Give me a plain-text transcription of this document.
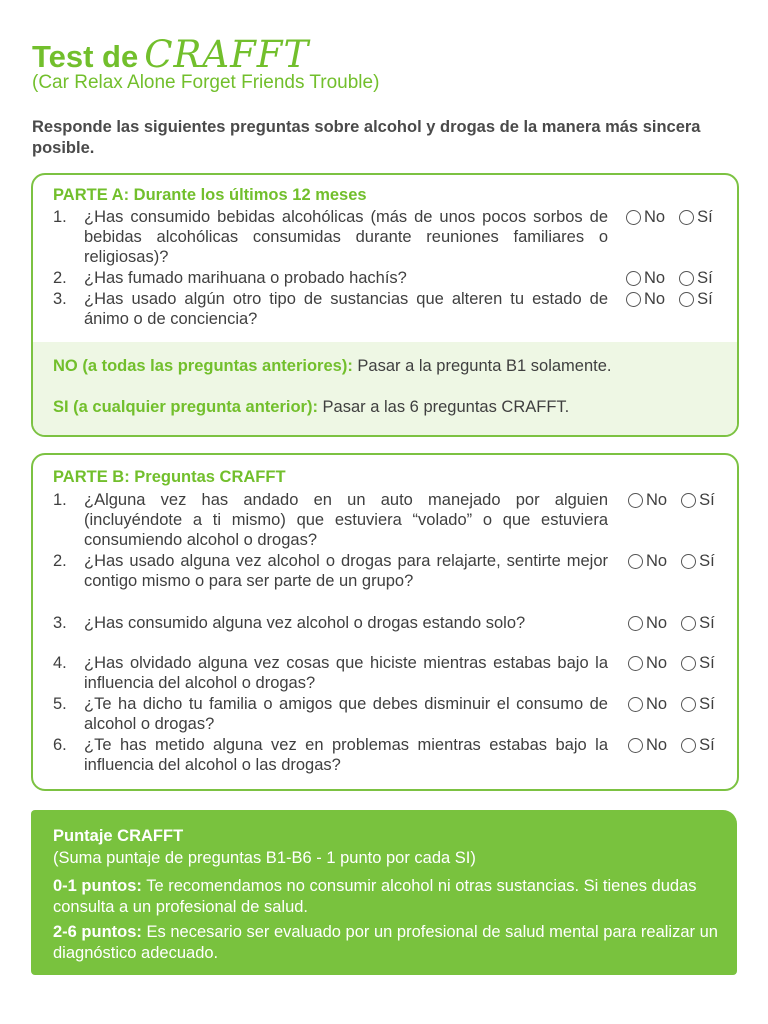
Test de CRAFFT
(Car Relax Alone Forget Friends Trouble)
Responde las siguientes preguntas sobre alcohol y drogas de la manera más sincera posible.
PARTE A: Durante los últimos 12 meses
1. ¿Has consumido bebidas alcohólicas (más de unos pocos sorbos de bebidas alcohólicas consumidas durante reuniones familiares o religiosas)?
No Sí
2. ¿Has fumado marihuana o probado hachís?	No Sí
3. ¿Has usado algún otro tipo de sustancias que alteren tu estado de ánimo o de conciencia?
No Sí
NO (a todas las preguntas anteriores): Pasar a la pregunta B1 solamente.
SI (a cualquier pregunta anterior): Pasar a las 6 preguntas CRAFFT.
PARTE B: Preguntas CRAFFT
1. ¿Alguna vez has andado en un auto manejado por alguien (incluyéndote a ti mismo) que estuviera “volado” o que estuviera consumiendo alcohol o drogas?
No Sí
2. ¿Has usado alguna vez alcohol o drogas para relajarte, sentirte mejor contigo mismo o para ser parte de un grupo?
No Sí
3. ¿Has consumido alguna vez alcohol o drogas estando solo?	No Sí
4. ¿Has olvidado alguna vez cosas que hiciste mientras estabas bajo la influencia del alcohol o drogas?
No Sí
5. ¿Te ha dicho tu familia o amigos que debes disminuir el consumo de alcohol o drogas?
No Sí
6. ¿Te has metido alguna vez en problemas mientras estabas bajo la influencia del alcohol o las drogas?
No Sí
Puntaje CRAFFT
(Suma puntaje de preguntas B1-B6 - 1 punto por cada SI)
0-1 puntos: Te recomendamos no consumir alcohol ni otras sustancias. Si tienes dudas consulta a un profesional de salud.
2-6 puntos: Es necesario ser evaluado por un profesional de salud mental para realizar un diagnóstico adecuado.
